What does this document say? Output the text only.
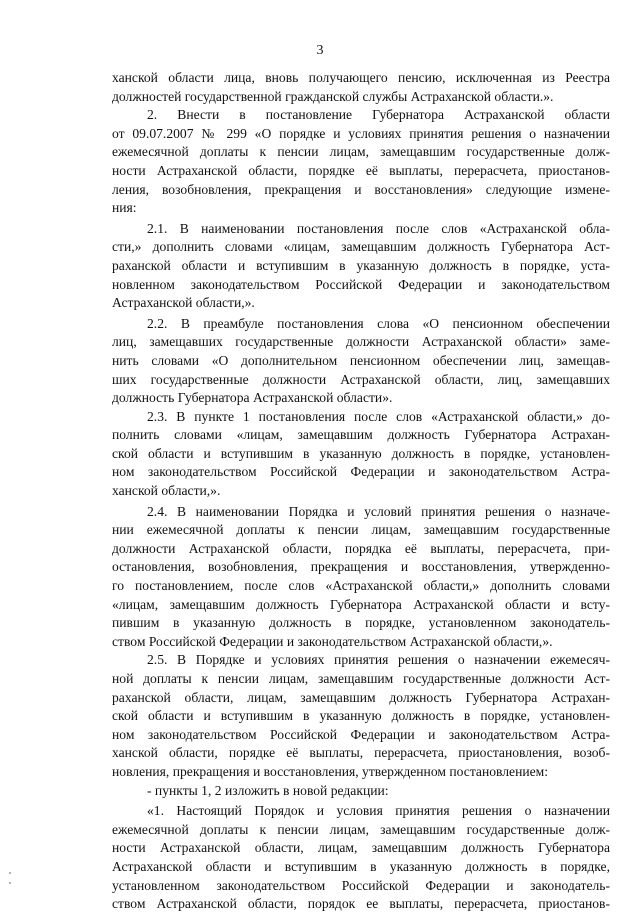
3
ханской области лица, вновь получающего пенсию, исключенная из Реестра
должностей государственной гражданской службы Астраханской области.».
2. Внести в постановление Губернатора Астраханской области
от 09.07.2007 № 299 «О порядке и условиях принятия решения о назначении
ежемесячной доплаты к пенсии лицам, замещавшим государственные долж-
ности Астраханской области, порядке её выплаты, перерасчета, приостанов-
ления, возобновления, прекращения и восстановления» следующие измене-
ния:
2.1. В наименовании постановления после слов «Астраханской обла-
сти,» дополнить словами «лицам, замещавшим должность Губернатора Аст-
раханской области и вступившим в указанную должность в порядке, уста-
новленном законодательством Российской Федерации и законодательством
Астраханской области,».
2.2. В преамбуле постановления слова «О пенсионном обеспечении
лиц, замещавших государственные должности Астраханской области» заме-
нить словами «О дополнительном пенсионном обеспечении лиц, замещав-
ших государственные должности Астраханской области, лиц, замещавших
должность Губернатора Астраханской области».
2.3. В пункте 1 постановления после слов «Астраханской области,» до-
полнить словами «лицам, замещавшим должность Губернатора Астрахан-
ской области и вступившим в указанную должность в порядке, установлен-
ном законодательством Российской Федерации и законодательством Астра-
ханской области,».
2.4. В наименовании Порядка и условий принятия решения о назначе-
нии ежемесячной доплаты к пенсии лицам, замещавшим государственные
должности Астраханской области, порядка её выплаты, перерасчета, при-
остановления, возобновления, прекращения и восстановления, утвержденно-
го постановлением, после слов «Астраханской области,» дополнить словами
«лицам, замещавшим должность Губернатора Астраханской области и всту-
пившим в указанную должность в порядке, установленном законодатель-
ством Российской Федерации и законодательством Астраханской области,».
2.5. В Порядке и условиях принятия решения о назначении ежемесяч-
ной доплаты к пенсии лицам, замещавшим государственные должности Аст-
раханской области, лицам, замещавшим должность Губернатора Астрахан-
ской области и вступившим в указанную должность в порядке, установлен-
ном законодательством Российской Федерации и законодательством Астра-
ханской области, порядке её выплаты, перерасчета, приостановления, возоб-
новления, прекращения и восстановления, утвержденном постановлением:
- пункты 1, 2 изложить в новой редакции:
«1. Настоящий Порядок и условия принятия решения о назначении
ежемесячной доплаты к пенсии лицам, замещавшим государственные долж-
ности Астраханской области, лицам, замещавшим должность Губернатора
Астраханской области и вступившим в указанную должность в порядке,
установленном законодательством Российской Федерации и законодатель-
ством Астраханской области, порядок ее выплаты, перерасчета, приостанов-
